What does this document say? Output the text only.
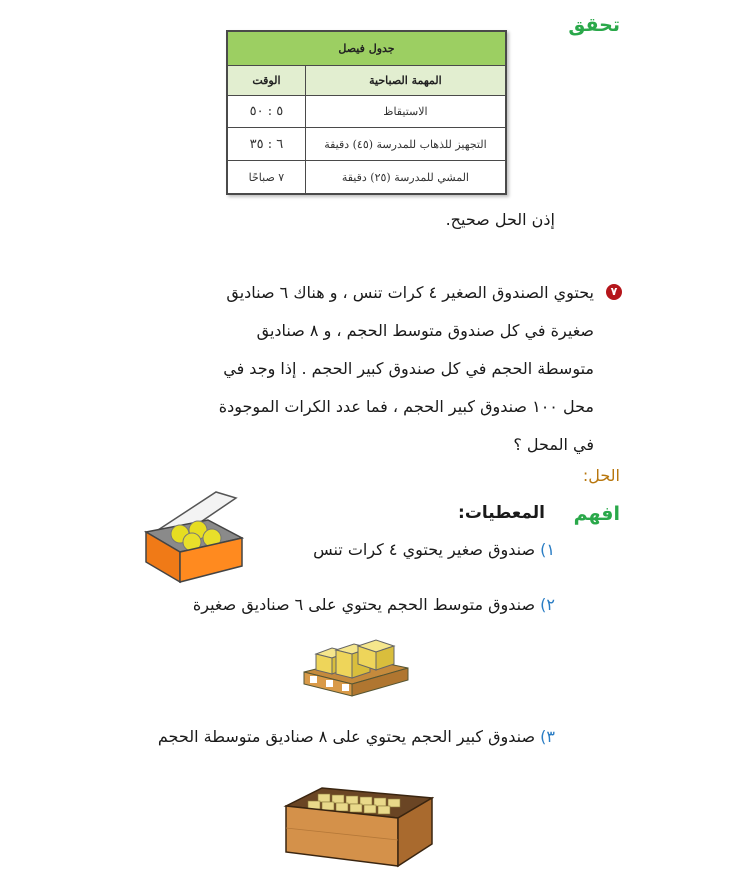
تحقق
جدول فيصل	
المهمة الصباحية	الوقت
الاستيقاظ	٥ : ٥٠
التجهيز للذهاب للمدرسة (٤٥) دقيقة	٦ : ٣٥
المشي للمدرسة (٢٥) دقيقة	٧ صباحًا
إذن الحل صحيح.
٧
يحتوي الصندوق الصغير ٤ كرات تنس ، و هناك ٦ صناديق
صغيرة في كل صندوق متوسط الحجم ، و ٨ صناديق
متوسطة الحجم في كل صندوق كبير الحجم . إذا وجد في
محل ١٠٠ صندوق كبير الحجم ، فما عدد الكرات الموجودة
في المحل ؟
الحل:
افهم
المعطيات:
١) صندوق صغير يحتوي ٤ كرات تنس
٢) صندوق متوسط الحجم يحتوي على ٦ صناديق صغيرة
٣) صندوق كبير الحجم يحتوي على ٨ صناديق متوسطة الحجم
